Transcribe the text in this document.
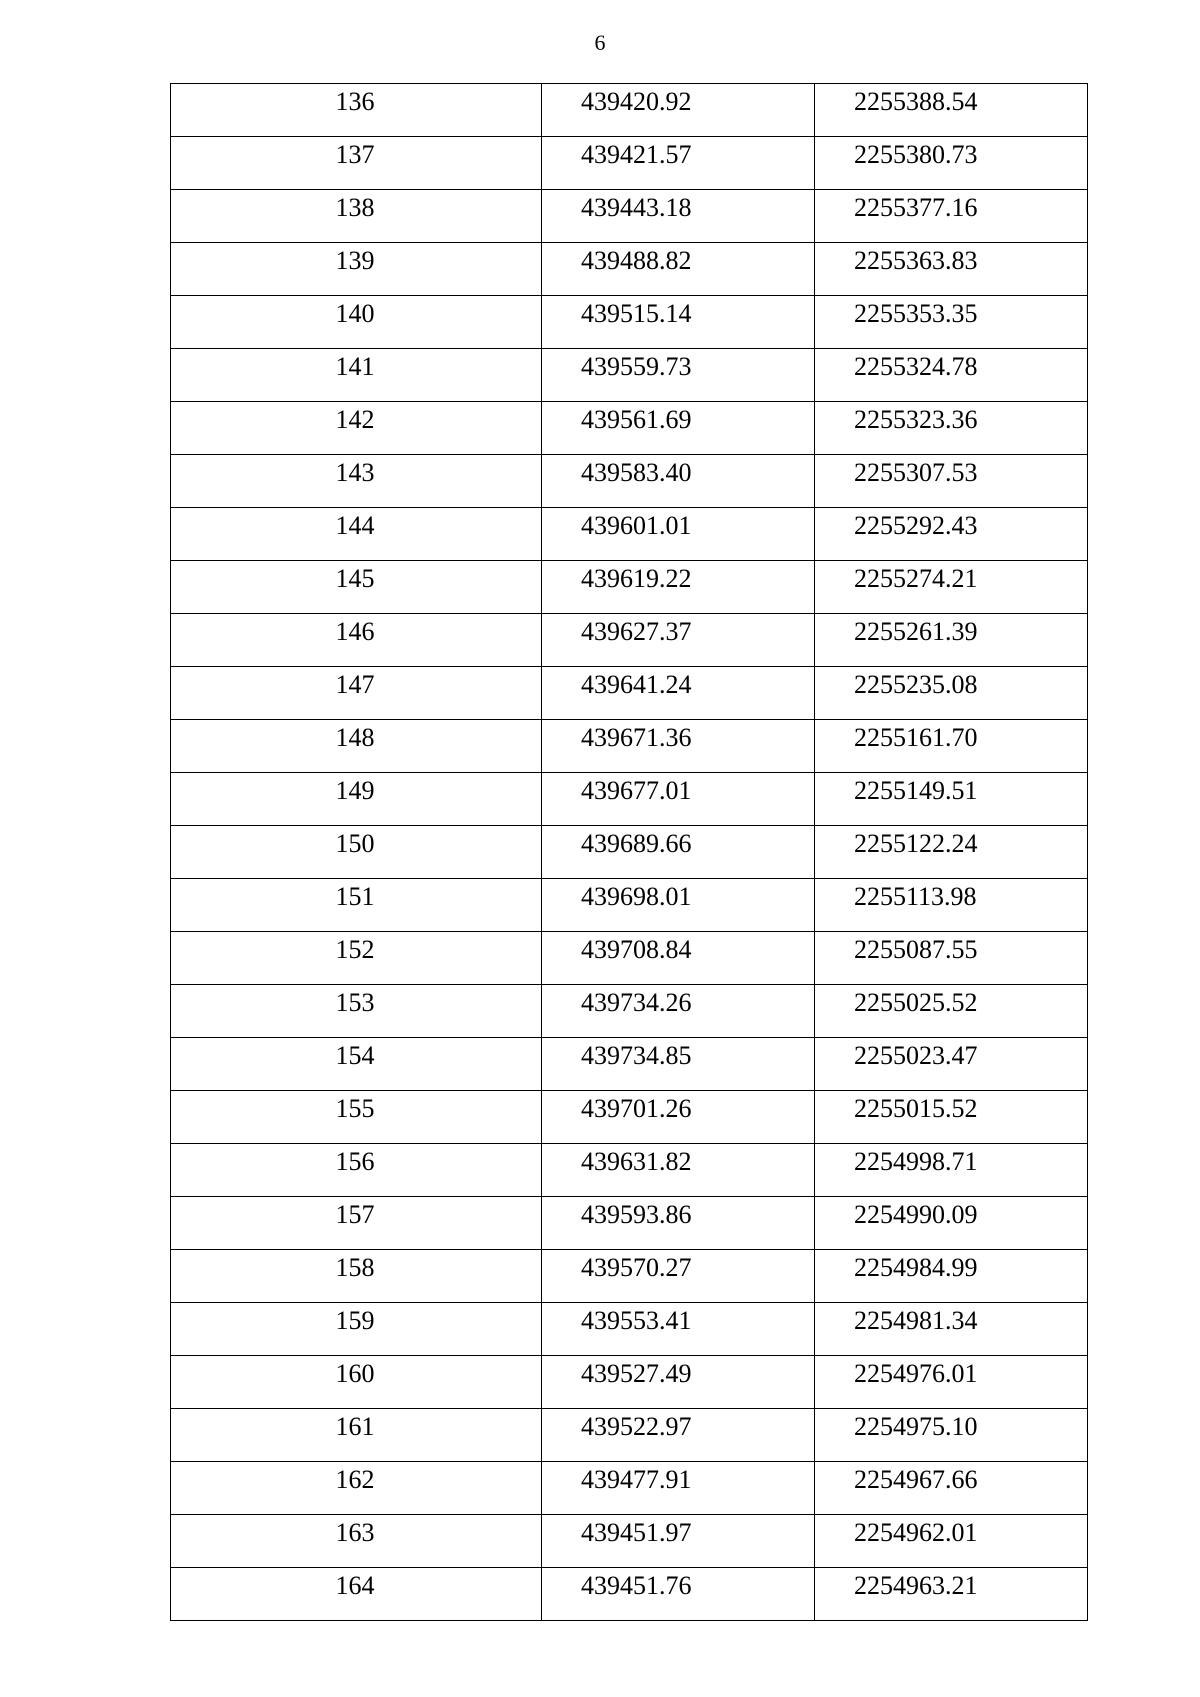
6
136	439420.92	2255388.54
137	439421.57	2255380.73
138	439443.18	2255377.16
139	439488.82	2255363.83
140	439515.14	2255353.35
141	439559.73	2255324.78
142	439561.69	2255323.36
143	439583.40	2255307.53
144	439601.01	2255292.43
145	439619.22	2255274.21
146	439627.37	2255261.39
147	439641.24	2255235.08
148	439671.36	2255161.70
149	439677.01	2255149.51
150	439689.66	2255122.24
151	439698.01	2255113.98
152	439708.84	2255087.55
153	439734.26	2255025.52
154	439734.85	2255023.47
155	439701.26	2255015.52
156	439631.82	2254998.71
157	439593.86	2254990.09
158	439570.27	2254984.99
159	439553.41	2254981.34
160	439527.49	2254976.01
161	439522.97	2254975.10
162	439477.91	2254967.66
163	439451.97	2254962.01
164	439451.76	2254963.21
